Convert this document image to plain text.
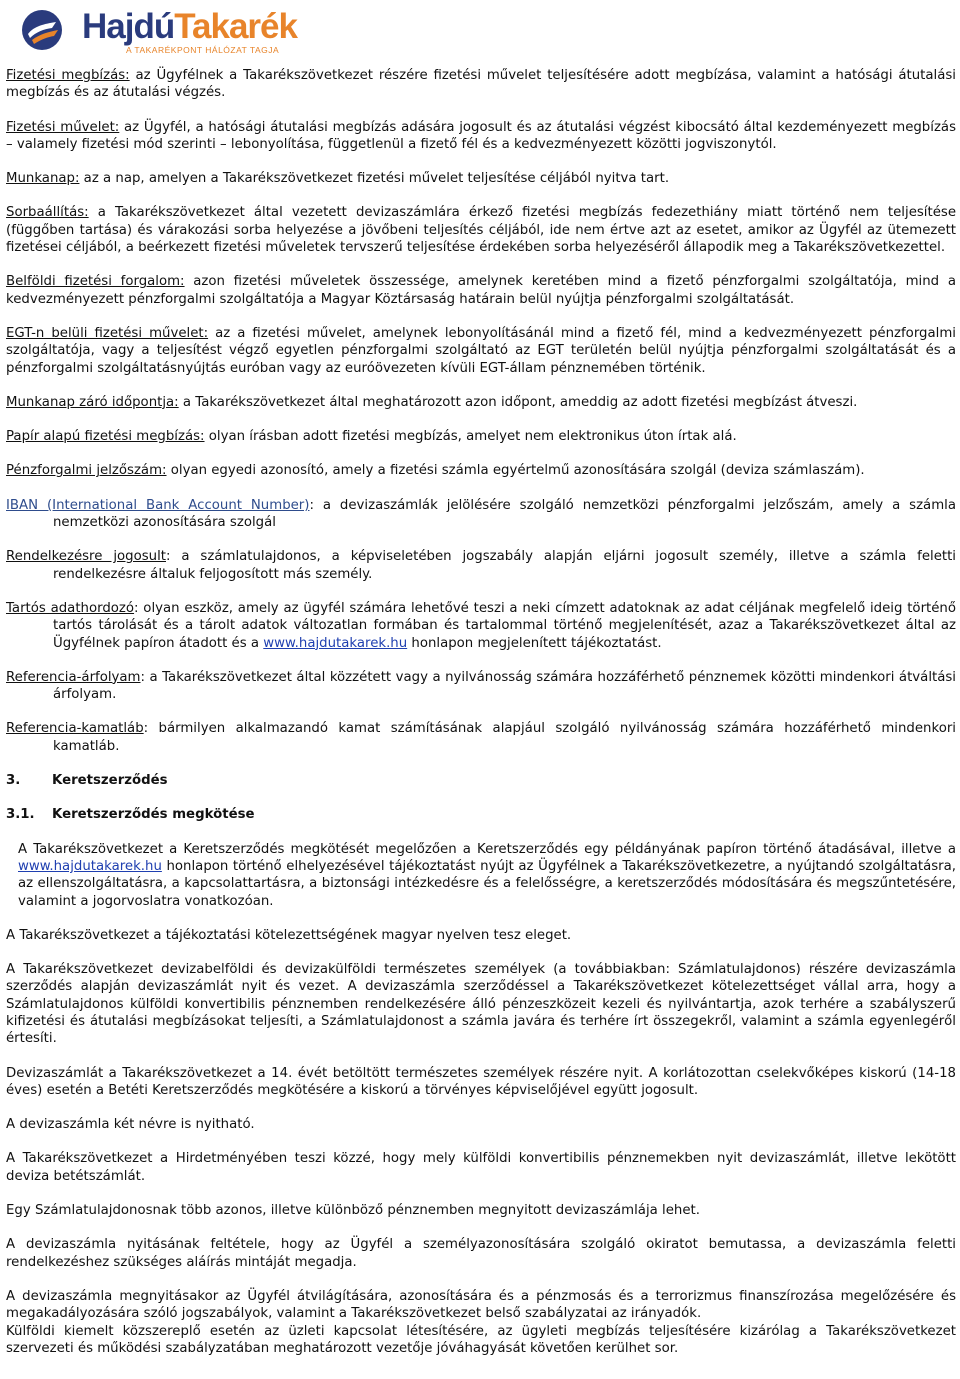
HajdúTakarék
A TAKARÉKPONT HÁLÓZAT TAGJA

Fizetési megbízás: az Ügyfélnek a Takarékszövetkezet részére fizetési művelet teljesítésére adott megbízása, valamint a hatósági átutalási megbízás és az átutalási végzés.

Fizetési művelet: az Ügyfél, a hatósági átutalási megbízás adására jogosult és az átutalási végzést kibocsátó által kezdeményezett megbízás – valamely fizetési mód szerinti – lebonyolítása, függetlenül a fizető fél és a kedvezményezett közötti jogviszonytól.

Munkanap: az a nap, amelyen a Takarékszövetkezet fizetési művelet teljesítése céljából nyitva tart.

Sorbaállítás: a Takarékszövetkezet által vezetett devizaszámlára érkező fizetési megbízás fedezethiány miatt történő nem teljesítése (függőben tartása) és várakozási sorba helyezése a jövőbeni teljesítés céljából, ide nem értve azt az esetet, amikor az Ügyfél az ütemezett fizetései céljából, a beérkezett fizetési műveletek tervszerű teljesítése érdekében sorba helyezéséről állapodik meg a Takarékszövetkezettel.

Belföldi fizetési forgalom: azon fizetési műveletek összessége, amelynek keretében mind a fizető pénzforgalmi szolgáltatója, mind a kedvezményezett pénzforgalmi szolgáltatója a Magyar Köztársaság határain belül nyújtja pénzforgalmi szolgáltatását.

EGT-n belüli fizetési művelet: az a fizetési művelet, amelynek lebonyolításánál mind a fizető fél, mind a kedvezményezett pénzforgalmi szolgáltatója, vagy a teljesítést végző egyetlen pénzforgalmi szolgáltató az EGT területén belül nyújtja pénzforgalmi szolgáltatását és a pénzforgalmi szolgáltatásnyújtás euróban vagy az euróövezeten kívüli EGT-állam pénznemében történik.

Munkanap záró időpontja: a Takarékszövetkezet által meghatározott azon időpont, ameddig az adott fizetési megbízást átveszi.

Papír alapú fizetési megbízás: olyan írásban adott fizetési megbízás, amelyet nem elektronikus úton írtak alá.

Pénzforgalmi jelzőszám: olyan egyedi azonosító, amely a fizetési számla egyértelmű azonosítására szolgál (deviza számlaszám).

IBAN (International Bank Account Number): a devizaszámlák jelölésére szolgáló nemzetközi pénzforgalmi jelzőszám, amely a számla nemzetközi azonosítására szolgál

Rendelkezésre jogosult: a számlatulajdonos, a képviseletében jogszabály alapján eljárni jogosult személy, illetve a számla feletti rendelkezésre általuk feljogosított más személy.

Tartós adathordozó: olyan eszköz, amely az ügyfél számára lehetővé teszi a neki címzett adatoknak az adat céljának megfelelő ideig történő tartós tárolását és a tárolt adatok változatlan formában és tartalommal történő megjelenítését, azaz a Takarékszövetkezet által az Ügyfélnek papíron átadott és a www.hajdutakarek.hu honlapon megjelenített tájékoztatást.

Referencia-árfolyam: a Takarékszövetkezet által közzétett vagy a nyilvánosság számára hozzáférhető pénznemek közötti mindenkori átváltási árfolyam.

Referencia-kamatláb: bármilyen alkalmazandó kamat számításának alapjául szolgáló nyilvánosság számára hozzáférhető mindenkori kamatláb.

3. Keretszerződés
3.1. Keretszerződés megkötése

A Takarékszövetkezet a Keretszerződés megkötését megelőzően a Keretszerződés egy példányának papíron történő átadásával, illetve a www.hajdutakarek.hu honlapon történő elhelyezésével tájékoztatást nyújt az Ügyfélnek a Takarékszövetkezetre, a nyújtandó szolgáltatásra, az ellenszolgáltatásra, a kapcsolattartásra, a biztonsági intézkedésre és a felelősségre, a keretszerződés módosítására és megszűntetésére, valamint a jogorvoslatra vonatkozóan.

A Takarékszövetkezet a tájékoztatási kötelezettségének magyar nyelven tesz eleget.

A Takarékszövetkezet devizabelföldi és devizakülföldi természetes személyek (a továbbiakban: Számlatulajdonos) részére devizaszámla szerződés alapján devizaszámlát nyit és vezet. A devizaszámla szerződéssel a Takarékszövetkezet kötelezettséget vállal arra, hogy a Számlatulajdonos külföldi konvertibilis pénznemben rendelkezésére álló pénzeszközeit kezeli és nyilvántartja, azok terhére a szabályszerű kifizetési és átutalási megbízásokat teljesíti, a Számlatulajdonost a számla javára és terhére írt összegekről, valamint a számla egyenlegéről értesíti.

Devizaszámlát a Takarékszövetkezet a 14. évét betöltött természetes személyek részére nyit. A korlátozottan cselekvőképes kiskorú (14-18 éves) esetén a Betéti Keretszerződés megkötésére a kiskorú a törvényes képviselőjével együtt jogosult.

A devizaszámla két névre is nyitható.

A Takarékszövetkezet a Hirdetményében teszi közzé, hogy mely külföldi konvertibilis pénznemekben nyit devizaszámlát, illetve lekötött deviza betétszámlát.

Egy Számlatulajdonosnak több azonos, illetve különböző pénznemben megnyitott devizaszámlája lehet.

A devizaszámla nyitásának feltétele, hogy az Ügyfél a személyazonosítására szolgáló okiratot bemutassa, a devizaszámla feletti rendelkezéshez szükséges aláírás mintáját megadja.

A devizaszámla megnyitásakor az Ügyfél átvilágítására, azonosítására és a pénzmosás és a terrorizmus finanszírozása megelőzésére és megakadályozására szóló jogszabályok, valamint a Takarékszövetkezet belső szabályzatai az irányadók.

Külföldi kiemelt közszereplő esetén az üzleti kapcsolat létesítésére, az ügyleti megbízás teljesítésére kizárólag a Takarékszövetkezet szervezeti és működési szabályzatában meghatározott vezetője jóváhagyását követően kerülhet sor.
